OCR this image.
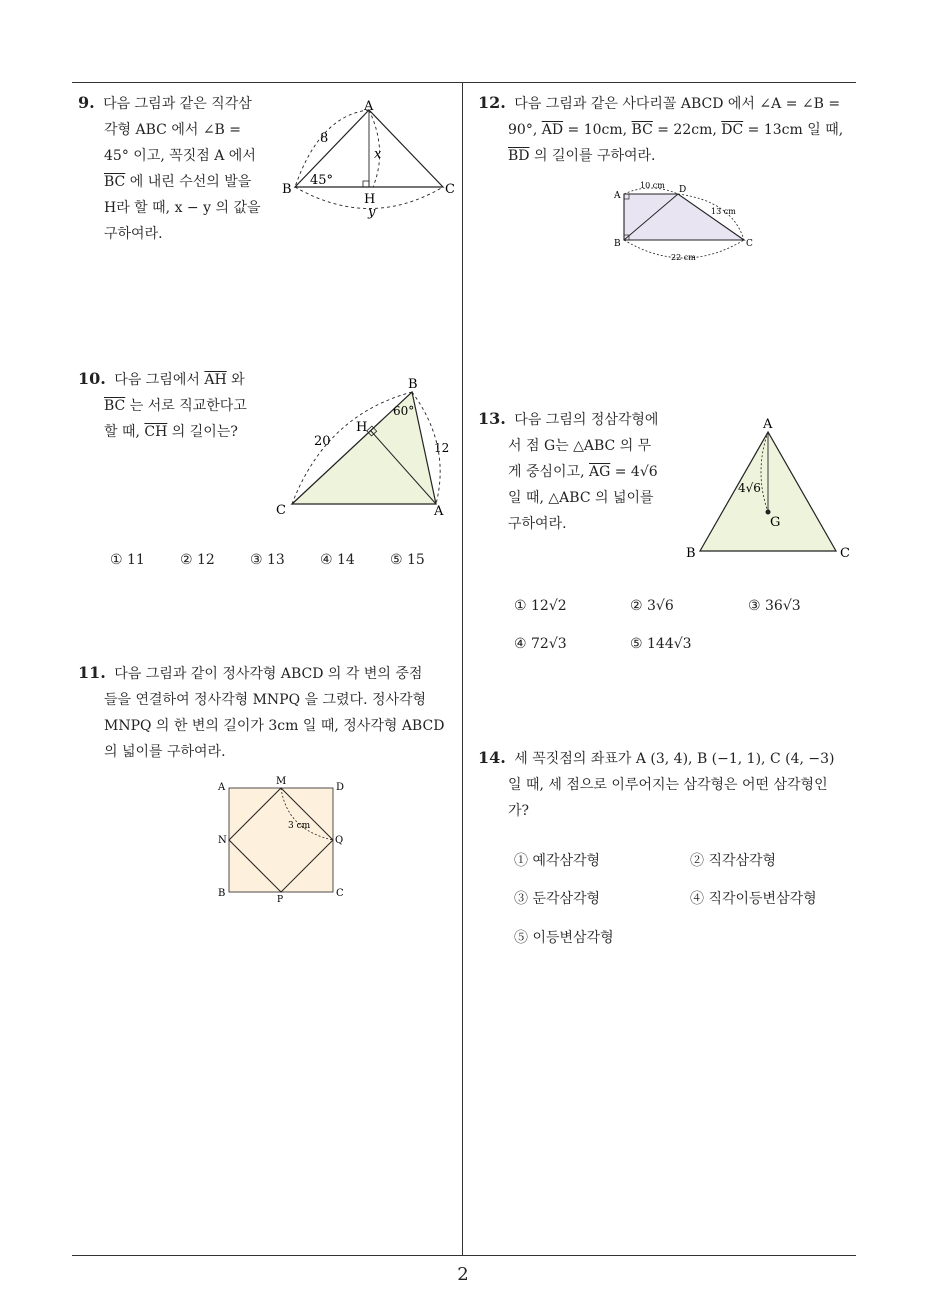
9. 다음 그림과 같은 직각삼
각형 ABC 에서 ∠B =
45° 이고, 꼭짓점 A 에서
$\overline{BC}$ 에 내린 수선의 발을
H라 할 때, x − y 의 값을
구하여라.
A
B	C
H
8
x
y
45°
10. 다음 그림에서 $\overline{AH}$ 와
$\overline{BC}$ 는 서로 직교한다고
할 때, $\overline{CH}$ 의 길이는?
B
C	A
H
20	12
60°
① 11	② 12	③ 13	④ 14	⑤ 15
11. 다음 그림과 같이 정사각형 ABCD 의 각 변의 중점
들을 연결하여 정사각형 MNPQ 을 그렸다. 정사각형
MNPQ 의 한 변의 길이가 3cm 일 때, 정사각형 ABCD
의 넓이를 구하여라.
A
B	C
D
M
N
P
Q
3 cm
12. 다음 그림과 같은 사다리꼴 ABCD 에서 ∠A = ∠B =
90°, $\overline{AD} = 10cm$, $\overline{BC} = 22cm$, $\overline{DC} = 13cm$ 일 때,
$\overline{BD}$ 의 길이를 구하여라.
A
B	C
D
10 cm
13 cm
22 cm
13. 다음 그림의 정삼각형에
서 점 G는 △ABC 의 무
게 중심이고, $\overline{AG} = 4√6$
일 때, △ABC 의 넓이를
구하여라.
A
B	C
G
4√6
① 12√2	② 3√6	③ 36√3
④ 72√3	⑤ 144√3
14. 세 꼭짓점의 좌표가 A (3, 4), B (−1, 1), C (4, −3)
일 때, 세 점으로 이루어지는 삼각형은 어떤 삼각형인
가?
① 예각삼각형	② 직각삼각형
③ 둔각삼각형	④ 직각이등변삼각형
⑤ 이등변삼각형
2
